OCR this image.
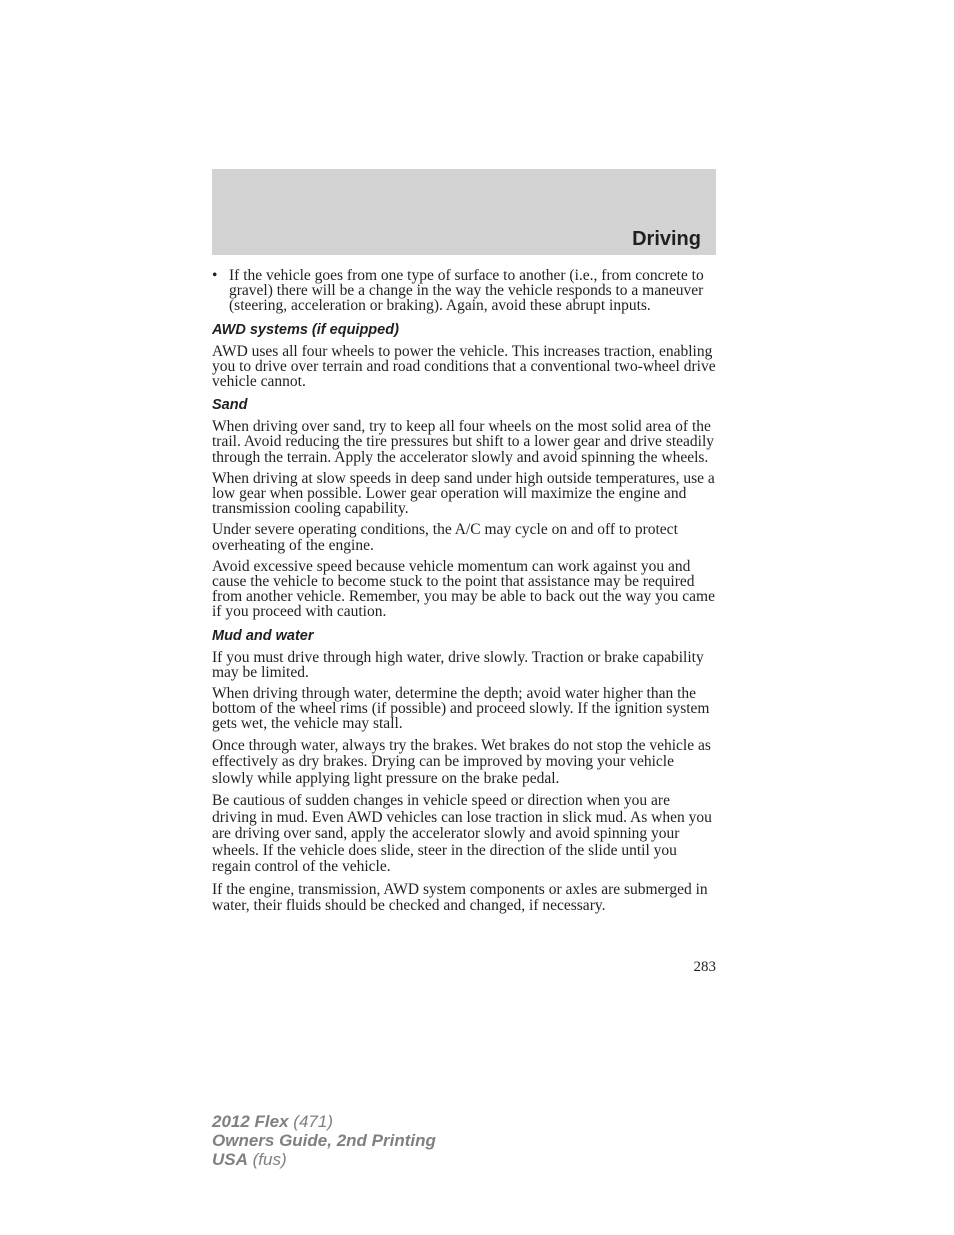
Driving
• If the vehicle goes from one type of surface to another (i.e., from concrete to gravel) there will be a change in the way the vehicle responds to a maneuver (steering, acceleration or braking). Again, avoid these abrupt inputs.
AWD systems (if equipped)

AWD uses all four wheels to power the vehicle. This increases traction, enabling you to drive over terrain and road conditions that a conventional two-wheel drive vehicle cannot.

Sand

When driving over sand, try to keep all four wheels on the most solid area of the trail. Avoid reducing the tire pressures but shift to a lower gear and drive steadily through the terrain. Apply the accelerator slowly and avoid spinning the wheels.

When driving at slow speeds in deep sand under high outside temperatures, use a low gear when possible. Lower gear operation will maximize the engine and transmission cooling capability.

Under severe operating conditions, the A/C may cycle on and off to protect overheating of the engine.

Avoid excessive speed because vehicle momentum can work against you and cause the vehicle to become stuck to the point that assistance may be required from another vehicle. Remember, you may be able to back out the way you came if you proceed with caution.

Mud and water

If you must drive through high water, drive slowly. Traction or brake capability may be limited.

When driving through water, determine the depth; avoid water higher than the bottom of the wheel rims (if possible) and proceed slowly. If the ignition system gets wet, the vehicle may stall.

Once through water, always try the brakes. Wet brakes do not stop the vehicle as effectively as dry brakes. Drying can be improved by moving your vehicle slowly while applying light pressure on the brake pedal.

Be cautious of sudden changes in vehicle speed or direction when you are driving in mud. Even AWD vehicles can lose traction in slick mud. As when you are driving over sand, apply the accelerator slowly and avoid spinning your wheels. If the vehicle does slide, steer in the direction of the slide until you regain control of the vehicle.

If the engine, transmission, AWD system components or axles are submerged in water, their fluids should be checked and changed, if necessary.

283
2012 Flex (471)
Owners Guide, 2nd Printing
USA (fus)
